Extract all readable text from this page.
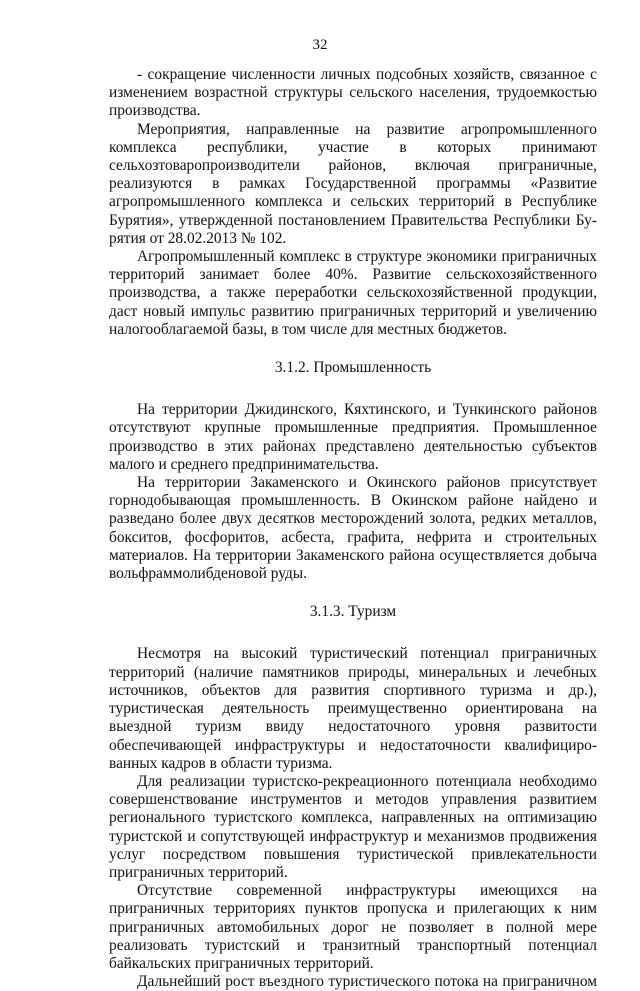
32

- сокращение численности личных подсобных хозяйств, связанное с изменением возрастной структуры сельского населения, трудоемкостью производства.

Мероприятия, направленные на развитие агропромышленного комплекса республики, участие в которых принимают сельхозтоваропроизводители районов, включая приграничные, реализуются в рамках Государственной программы «Развитие агропромышленного комплекса и сельских территорий в Республике Бурятия», утвержденной постановлением Правительства Республики Бурятия от 28.02.2013 № 102.

Агропромышленный комплекс в структуре экономики приграничных территорий занимает более 40%. Развитие сельскохозяйственного производства, а также переработки сельскохозяйственной продукции, даст новый импульс развитию приграничных территорий и увеличению налогооблагаемой базы, в том числе для местных бюджетов.

3.1.2. Промышленность

На территории Джидинского, Кяхтинского, и Тункинского районов отсутствуют крупные промышленные предприятия. Промышленное производство в этих районах представлено деятельностью субъектов малого и среднего предпринимательства.

На территории Закаменского и Окинского районов присутствует горнодобывающая промышленность. В Окинском районе найдено и разведано более двух десятков месторождений золота, редких металлов, бокситов, фосфоритов, асбеста, графита, нефрита и строительных материалов. На территории Закаменского района осуществляется добыча вольфраммолибденовой руды.

3.1.3. Туризм

Несмотря на высокий туристический потенциал приграничных территорий (наличие памятников природы, минеральных и лечебных источников, объектов для развития спортивного туризма и др.), туристическая деятельность преимущественно ориентирована на выездной туризм ввиду недостаточного уровня развитости обеспечивающей инфраструктуры и недостаточности квалифицированных кадров в области туризма.

Для реализации туристско-рекреационного потенциала необходимо совершенствование инструментов и методов управления развитием регионального туристского комплекса, направленных на оптимизацию туристской и сопутствующей инфраструктур и механизмов продвижения услуг посредством повышения туристической привлекательности приграничных территорий.

Отсутствие современной инфраструктуры имеющихся на приграничных территориях пунктов пропуска и прилегающих к ним приграничных автомобильных дорог не позволяет в полной мере реализовать туристский и транзитный транспортный потенциал байкальских приграничных территорий.

Дальнейший рост въездного туристического потока на приграничном
